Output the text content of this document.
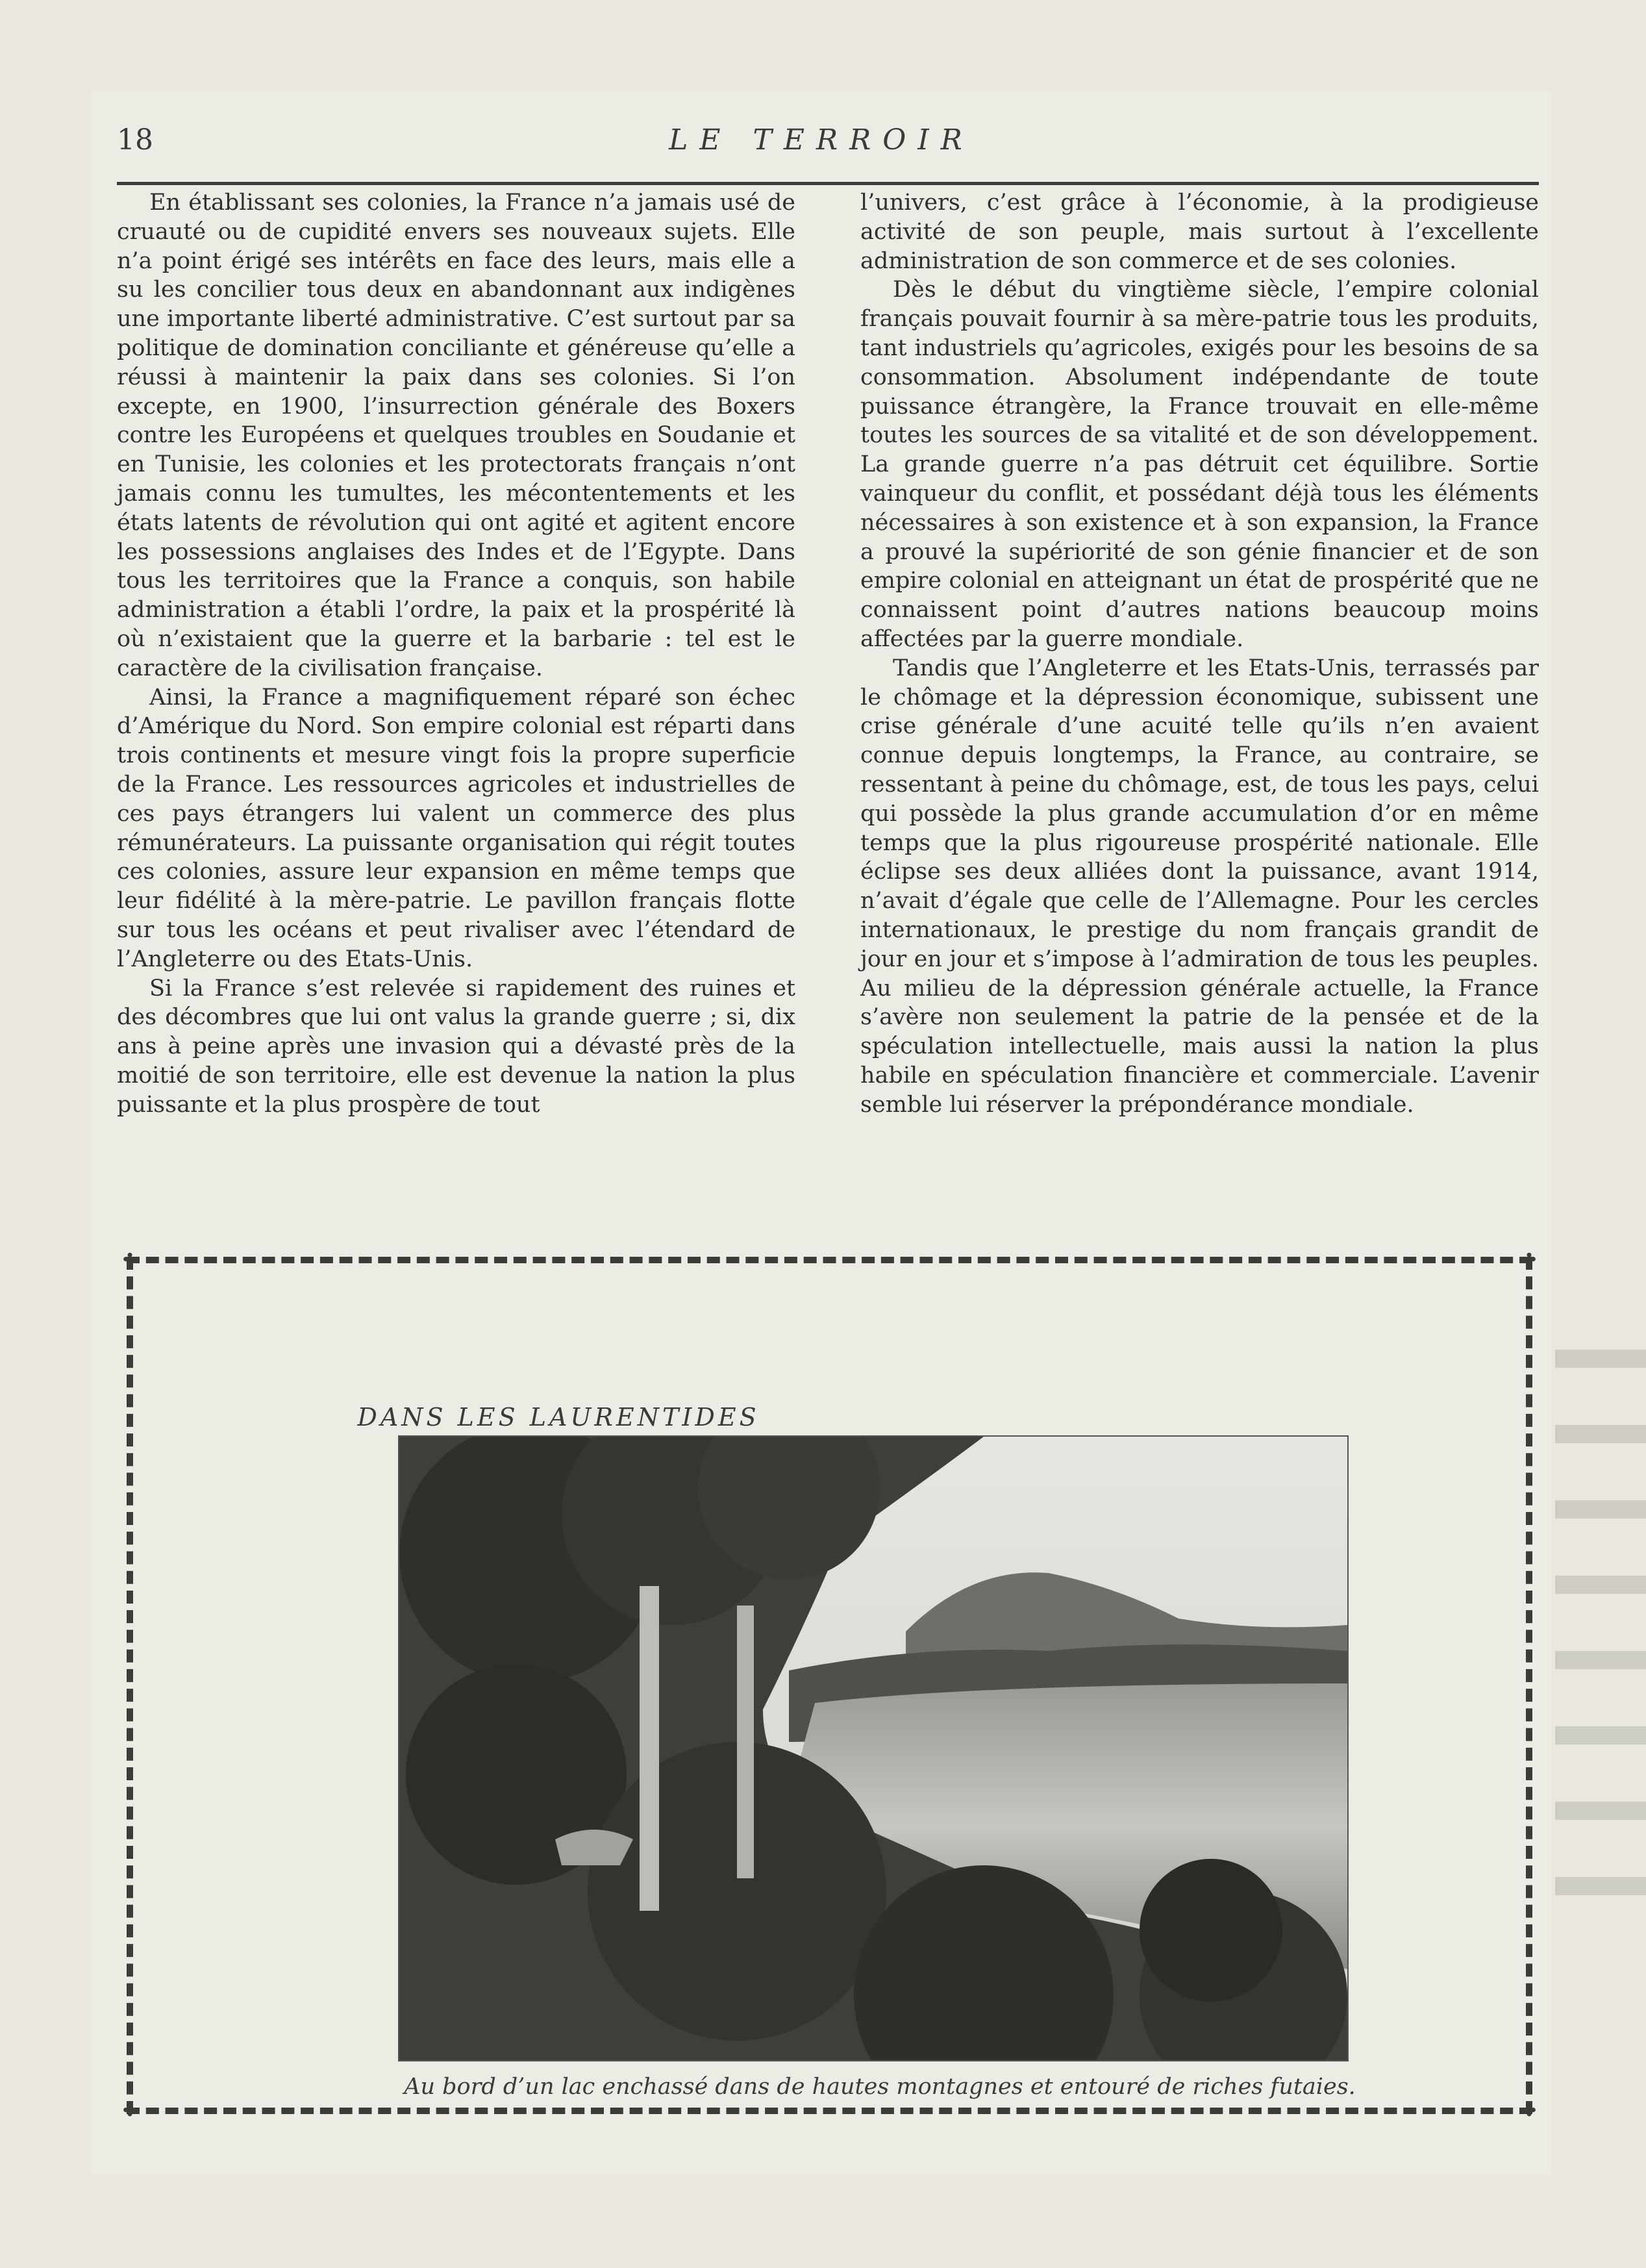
18	LE TERROIR

En établissant ses colonies, la France n’a jamais usé de cruauté ou de cupidité envers ses nouveaux sujets. Elle n’a point érigé ses intérêts en face des leurs, mais elle a su les concilier tous deux en abandonnant aux indigènes une importante liberté administrative. C’est surtout par sa politique de domination conciliante et généreuse qu’elle a réussi à maintenir la paix dans ses colonies. Si l’on excepte, en 1900, l’insurrection générale des Boxers contre les Européens et quelques troubles en Soudanie et en Tunisie, les colonies et les protectorats français n’ont jamais connu les tumultes, les mécontentements et les états latents de révolution qui ont agité et agitent encore les possessions anglaises des Indes et de l’Egypte. Dans tous les territoires que la France a conquis, son habile administration a établi l’ordre, la paix et la prospérité là où n’existaient que la guerre et la barbarie : tel est le caractère de la civilisation française.

Ainsi, la France a magnifiquement réparé son échec d’Amérique du Nord. Son empire colonial est réparti dans trois continents et mesure vingt fois la propre superficie de la France. Les ressources agricoles et industrielles de ces pays étrangers lui valent un commerce des plus rémunérateurs. La puissante organisation qui régit toutes ces colonies, assure leur expansion en même temps que leur fidélité à la mère-patrie. Le pavillon français flotte sur tous les océans et peut rivaliser avec l’étendard de l’Angleterre ou des Etats-Unis.

Si la France s’est relevée si rapidement des ruines et des décombres que lui ont valus la grande guerre ; si, dix ans à peine après une invasion qui a dévasté près de la moitié de son territoire, elle est devenue la nation la plus puissante et la plus prospère de tout

l’univers, c’est grâce à l’économie, à la prodigieuse activité de son peuple, mais surtout à l’excellente administration de son commerce et de ses colonies.

Dès le début du vingtième siècle, l’empire colonial français pouvait fournir à sa mère-patrie tous les produits, tant industriels qu’agricoles, exigés pour les besoins de sa consommation. Absolument indépendante de toute puissance étrangère, la France trouvait en elle-même toutes les sources de sa vitalité et de son développement. La grande guerre n’a pas détruit cet équilibre. Sortie vainqueur du conflit, et possédant déjà tous les éléments nécessaires à son existence et à son expansion, la France a prouvé la supériorité de son génie financier et de son empire colonial en atteignant un état de prospérité que ne connaissent point d’autres nations beaucoup moins affectées par la guerre mondiale.

Tandis que l’Angleterre et les Etats-Unis, terrassés par le chômage et la dépression économique, subissent une crise générale d’une acuité telle qu’ils n’en avaient connue depuis longtemps, la France, au contraire, se ressentant à peine du chômage, est, de tous les pays, celui qui possède la plus grande accumulation d’or en même temps que la plus rigoureuse prospérité nationale. Elle éclipse ses deux alliées dont la puissance, avant 1914, n’avait d’égale que celle de l’Allemagne. Pour les cercles internationaux, le prestige du nom français grandit de jour en jour et s’impose à l’admiration de tous les peuples. Au milieu de la dépression générale actuelle, la France s’avère non seulement la patrie de la pensée et de la spéculation intellectuelle, mais aussi la nation la plus habile en spéculation financière et commerciale. L’avenir semble lui réserver la prépondérance mondiale.

✤	✤
✤	✤
DANS LES LAURENTIDES
Au bord d’un lac enchassé dans de hautes montagnes et entouré de riches futaies.
